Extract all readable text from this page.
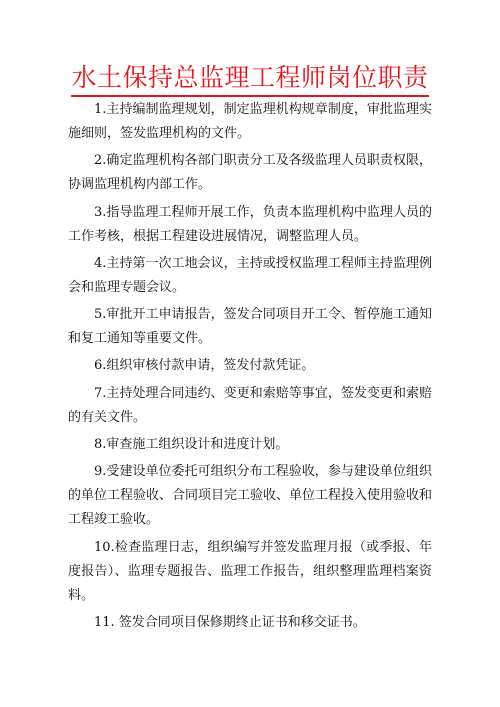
水土保持总监理工程师岗位职责

1.主持编制监理规划，制定监理机构规章制度，审批监理实施细则，签发监理机构的文件。

2.确定监理机构各部门职责分工及各级监理人员职责权限，协调监理机构内部工作。

3.指导监理工程师开展工作，负责本监理机构中监理人员的工作考核，根据工程建设进展情况，调整监理人员。

4.主持第一次工地会议，主持或授权监理工程师主持监理例会和监理专题会议。

5.审批开工申请报告，签发合同项目开工令、暂停施工通知和复工通知等重要文件。

6.组织审核付款申请，签发付款凭证。

7.主持处理合同违约、变更和索赔等事宜，签发变更和索赔的有关文件。

8.审查施工组织设计和进度计划。

9.受建设单位委托可组织分布工程验收，参与建设单位组织的单位工程验收、合同项目完工验收、单位工程投入使用验收和工程竣工验收。

10.检查监理日志，组织编写并签发监理月报（或季报、年度报告）、监理专题报告、监理工作报告，组织整理监理档案资料。

11. 签发合同项目保修期终止证书和移交证书。
